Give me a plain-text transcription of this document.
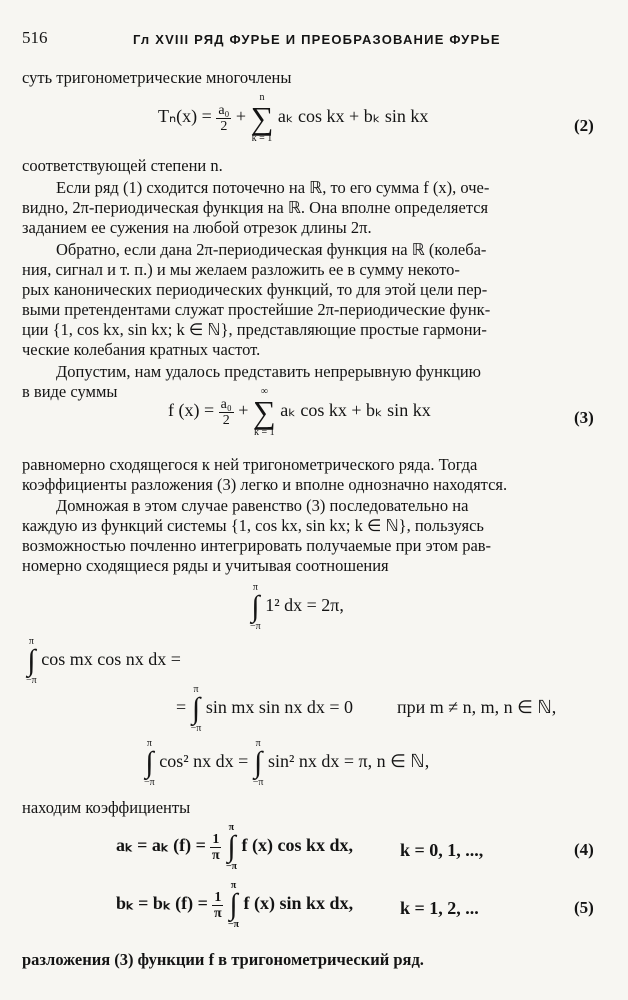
516	Гл XVIII РЯД ФУРЬЕ И ПРЕОБРАЗОВАНИЕ ФУРЬЕ
суть тригонометрические многочлены
$T_n(x) = \frac{\text{a₀}}{2}$ +
n
∑
k = 1
aₖ cos kx + bₖ sin kx	(2)
соответствующей степени n.
Если ряд (1) сходится поточечно на ℝ, то его сумма f (x), оче-
видно, 2π-периодическая функция на ℝ. Она вполне определяется
заданием ее сужения на любой отрезок длины 2π.
Обратно, если дана 2π-периодическая функция на ℝ (колеба-
ния, сигнал и т. п.) и мы желаем разложить ее в сумму некото-
рых канонических периодических функций, то для этой цели пер-
выми претендентами служат простейшие 2π-периодические функ-
ции {1, cos kx, sin kx; k ∈ ℕ}, представляющие простые гармони-
ческие колебания кратных частот.
Допустим, нам удалось представить непрерывную функцию
в виде суммы
f $(x) = \frac{\text{a₀}}{2}$ +
∞
∑
k = 1
aₖ cos kx + bₖ sin kx	(3)
равномерно сходящегося к ней тригонометрического ряда. Тогда
коэффициенты разложения (3) легко и вполне однозначно находятся.
Домножая в этом случае равенство (3) последовательно на
каждую из функций системы {1, cos kx, sin kx; k ∈ ℕ}, пользуясь
возможностью почленно интегрировать получаемые при этом рав-
номерно сходящиеся ряды и учитывая соотношения
π
∫
−π
1² dx = 2π,
π
∫
−π
cos mx cos nx dx =
=
π
∫
−π
sin mx sin nx dx = 0 при m ≠ n, m, n ∈ ℕ,
π
∫
−π
cos² nx dx =
π
∫
−π
sin² nx dx = π, n ∈ ℕ,
находим коэффициенты
aₖ = aₖ $(f) = \frac{1}{\pi}$

π
∫
−π
f (x) cos kx dx,	k = 0, 1, ...,	(4)
bₖ = bₖ $(f) = \frac{1}{\pi}$

π
∫
−π
f (x) sin kx dx,	k = 1, 2, ...	(5)
разложения (3) функции f в тригонометрический ряд.
